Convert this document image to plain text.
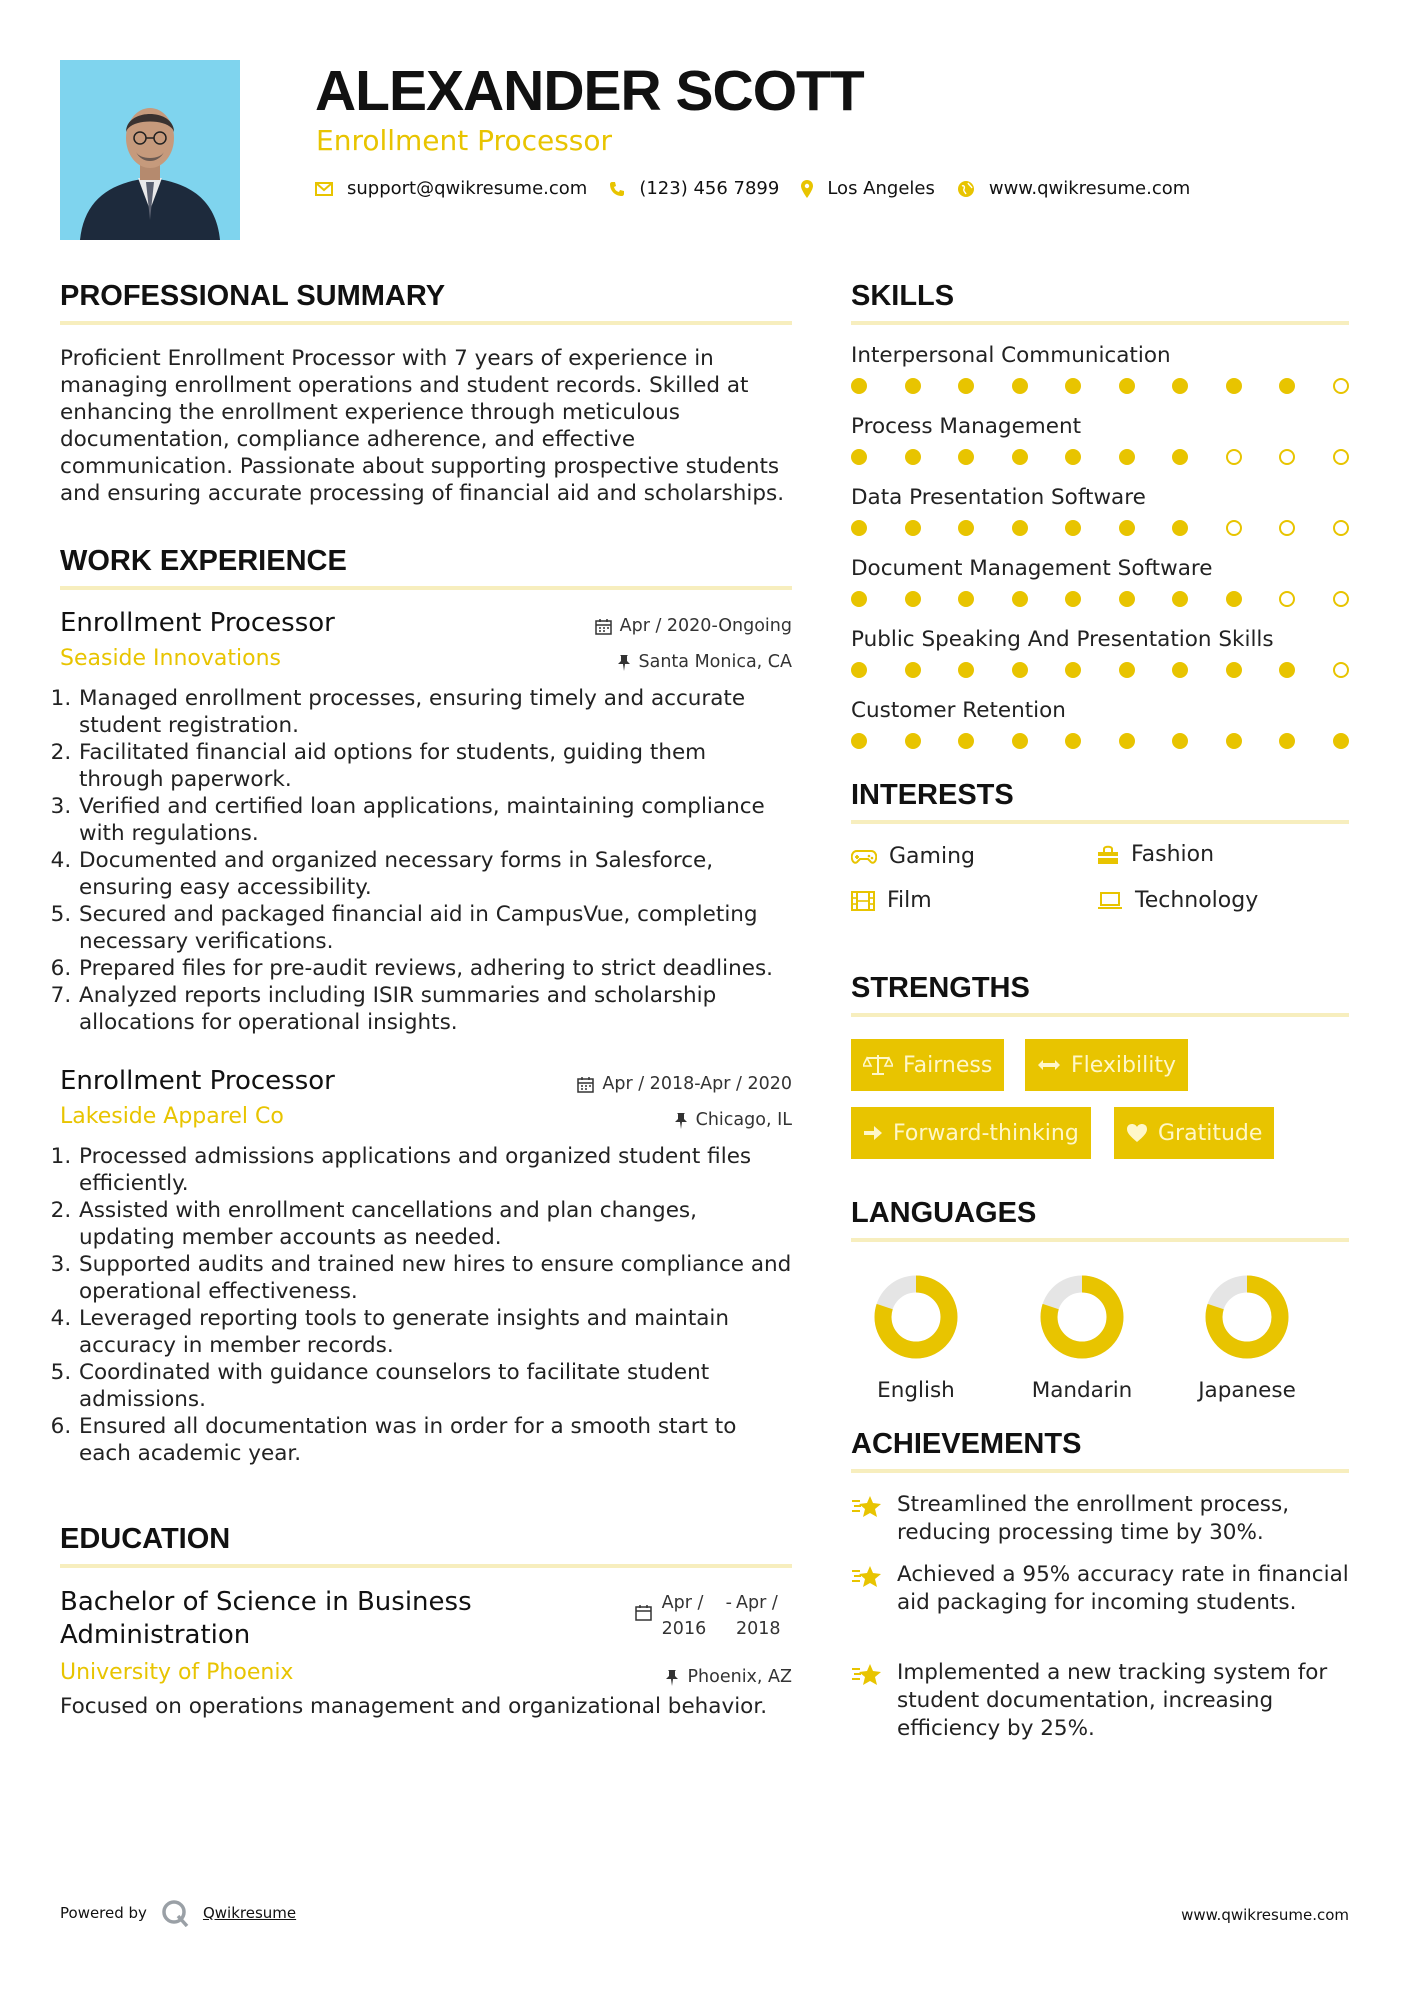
ALEXANDER SCOTT
Enrollment Processor
support@qwikresume.com	(123) 456 7899	Los Angeles	www.qwikresume.com
PROFESSIONAL SUMMARY

Proficient Enrollment Processor with 7 years of experience in managing enrollment operations and student records. Skilled at enhancing the enrollment experience through meticulous documentation, compliance adherence, and effective communication. Passionate about supporting prospective students and ensuring accurate processing of financial aid and scholarships.

WORK EXPERIENCE
Enrollment Processor	Apr / 2020-Ongoing
Seaside Innovations	Santa Monica, CA
1. Managed enrollment processes, ensuring timely and accurate student registration.
2. Facilitated financial aid options for students, guiding them through paperwork.
3. Verified and certified loan applications, maintaining compliance with regulations.
4. Documented and organized necessary forms in Salesforce, ensuring easy accessibility.
5. Secured and packaged financial aid in CampusVue, completing necessary verifications.
6. Prepared files for pre-audit reviews, adhering to strict deadlines.
7. Analyzed reports including ISIR summaries and scholarship allocations for operational insights.
Enrollment Processor	Apr / 2018-Apr / 2020
Lakeside Apparel Co	Chicago, IL
1. Processed admissions applications and organized student files efficiently.
2. Assisted with enrollment cancellations and plan changes, updating member accounts as needed.
3. Supported audits and trained new hires to ensure compliance and operational effectiveness.
4. Leveraged reporting tools to generate insights and maintain accuracy in member records.
5. Coordinated with guidance counselors to facilitate student admissions.
6. Ensured all documentation was in order for a smooth start to each academic year.
EDUCATION
Bachelor of Science in Business Administration
Apr / 2016
- Apr / 2018
University of Phoenix	Phoenix, AZ

Focused on operations management and organizational behavior.

SKILLS
Interpersonal Communication
Process Management
Data Presentation Software
Document Management Software
Public Speaking And Presentation Skills
Customer Retention
INTERESTS
Gaming	Fashion
Film	Technology
STRENGTHS
Fairness	Flexibility
Forward-thinking	Gratitude
LANGUAGES
English	Mandarin	Japanese
ACHIEVEMENTS
Streamlined the enrollment process, reducing processing time by 30%.
Achieved a 95% accuracy rate in financial aid packaging for incoming students.
Implemented a new tracking system for student documentation, increasing efficiency by 25%.
Powered by	Qwikresume	www.qwikresume.com
